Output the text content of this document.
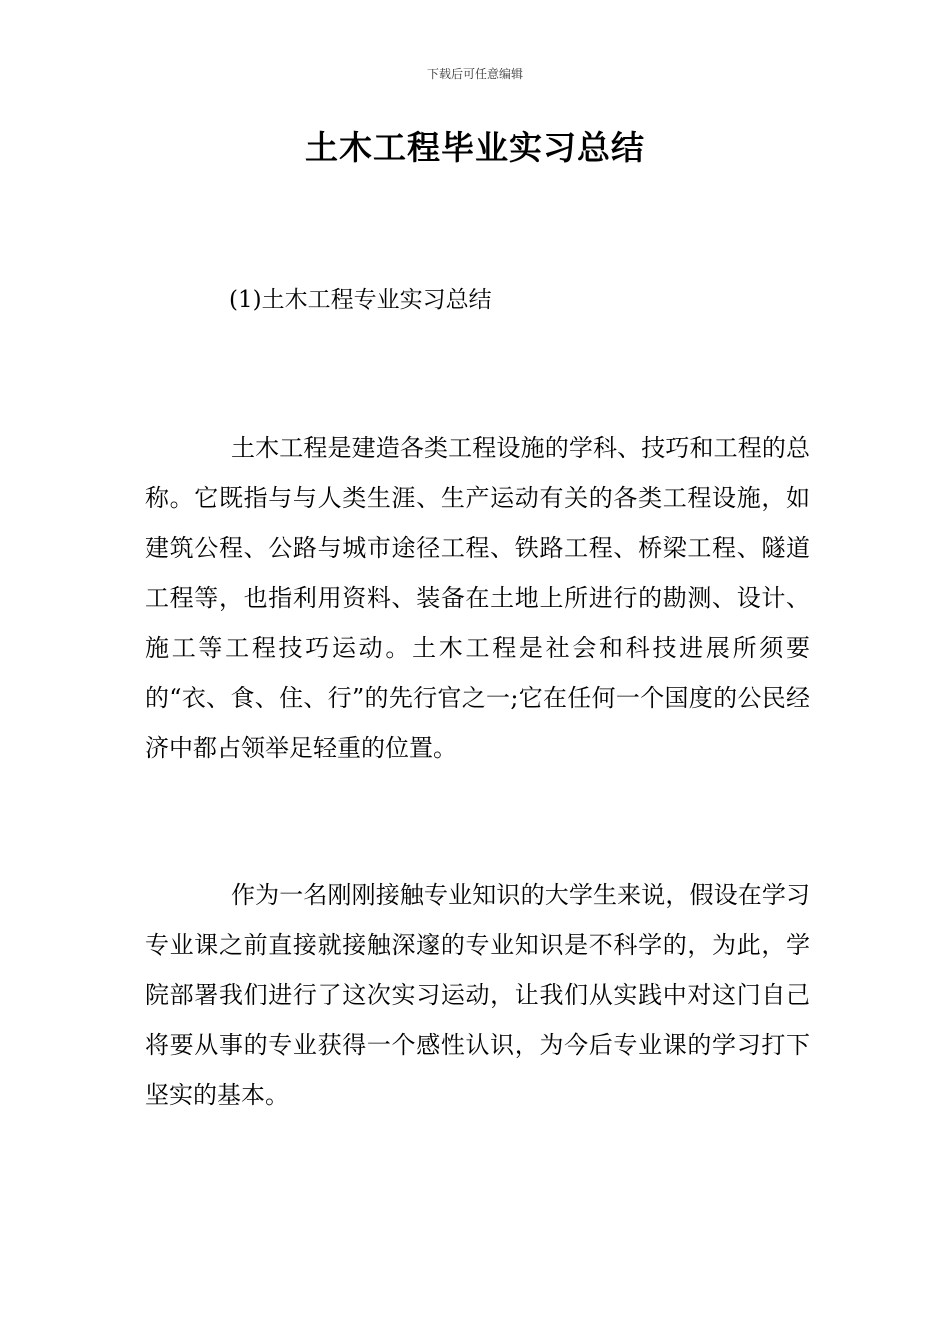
下载后可任意编辑
土木工程毕业实习总结
(1)土木工程专业实习总结

土木工程是建造各类工程设施的学科、技巧和工程的总称。它既指与与人类生涯、生产运动有关的各类工程设施，如建筑公程、公路与城市途径工程、铁路工程、桥梁工程、隧道工程等，也指利用资料、装备在土地上所进行的勘测、设计、施工等工程技巧运动。土木工程是社会和科技进展所须要的“衣、食、住、行”的先行官之一;它在任何一个国度的公民经济中都占领举足轻重的位置。

作为一名刚刚接触专业知识的大学生来说，假设在学习专业课之前直接就接触深邃的专业知识是不科学的，为此，学院部署我们进行了这次实习运动，让我们从实践中对这门自己将要从事的专业获得一个感性认识，为今后专业课的学习打下坚实的基本。
